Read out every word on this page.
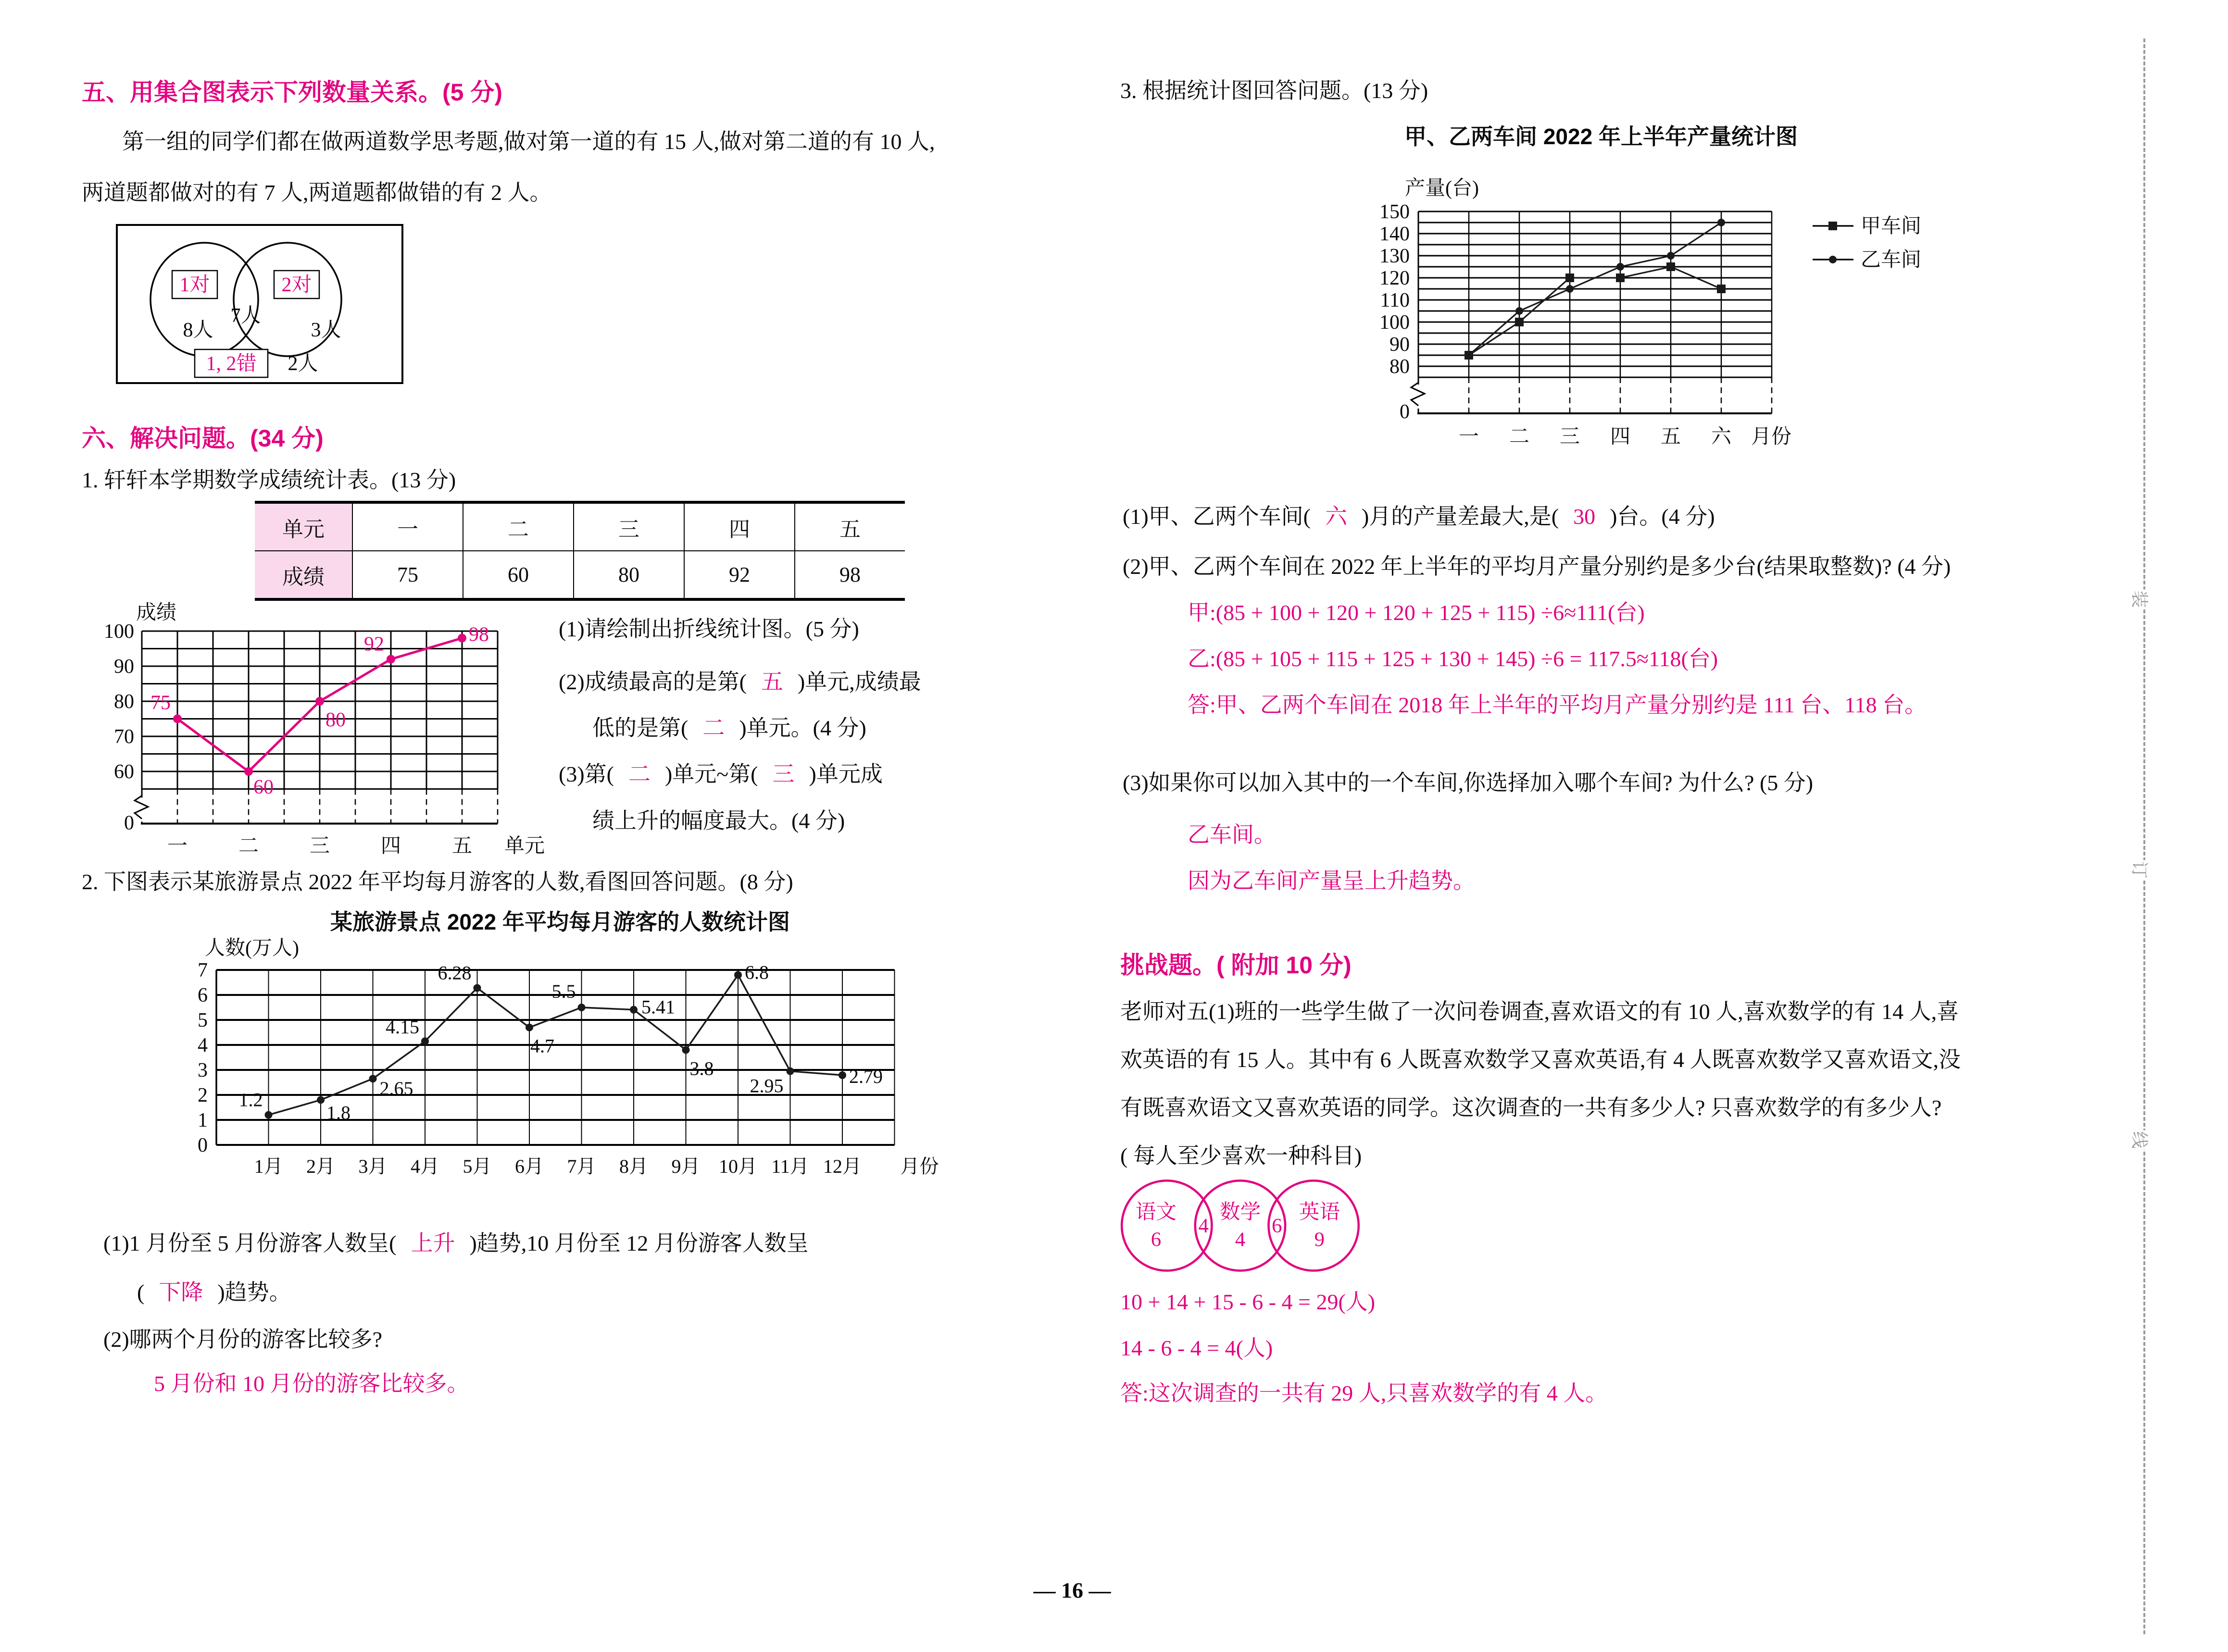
五、用集合图表示下列数量关系。(5 分)
第一组的同学们都在做两道数学思考题,做对第一道的有 15 人,做对第二道的有 10 人,
两道题都做对的有 7 人,两道题都做错的有 2 人。
1对
8人
7人
2对
3人
1, 2错 2人
六、解决问题。(34 分)
1. 轩轩本学期数学成绩统计表。(13 分)
单元	一	二	三	四	五
成绩	75	60	80	92	98
60
70
80
90
100
0
成绩
一	二	三	四	五 单元
75
60
80
92	98	(1)请绘制出折线统计图。(5 分)
(2)成绩最高的是第( 五 )单元,成绩最
低的是第( 二 )单元。(4 分)
(3)第( 二 )单元~第( 三 )单元成
绩上升的幅度最大。(4 分)
2. 下图表示某旅游景点 2022 年平均每月游客的人数,看图回答问题。(8 分)
某旅游景点 2022 年平均每月游客的人数统计图
0
1
2
3
4
5
6
7
人数(万人)
1.2
1月
1.8
2月
2.65
3月
4.15
4月
6.28
5月
4.7
6月
5.5
7月
5.41
8月
3.8
9月
6.8
10月
2.95
11月
2.79
12月 月份
(1)1 月份至 5 月份游客人数呈( 上升 )趋势,10 月份至 12 月份游客人数呈
( 下降 )趋势。
(2)哪两个月份的游客比较多?
5 月份和 10 月份的游客比较多。
3. 根据统计图回答问题。(13 分)
甲、乙两车间 2022 年上半年产量统计图
150
140
130
120
110
100
90
80
0
产量(台)
一 二 三 四 五 六 月份
甲车间
乙车间
(1)甲、乙两个车间( 六 )月的产量差最大,是( 30 )台。(4 分)
(2)甲、乙两个车间在 2022 年上半年的平均月产量分别约是多少台(结果取整数)? (4 分)
甲:(85 + 100 + 120 + 120 + 125 + 115) ÷6≈111(台)
乙:(85 + 105 + 115 + 125 + 130 + 145) ÷6 = 117.5≈118(台)
答:甲、乙两个车间在 2018 年上半年的平均月产量分别约是 111 台、118 台。
(3)如果你可以加入其中的一个车间,你选择加入哪个车间? 为什么? (5 分)
乙车间。
因为乙车间产量呈上升趋势。
挑战题。( 附加 10 分)
老师对五(1)班的一些学生做了一次问卷调查,喜欢语文的有 10 人,喜欢数学的有 14 人,喜
欢英语的有 15 人。其中有 6 人既喜欢数学又喜欢英语,有 4 人既喜欢数学又喜欢语文,没
有既喜欢语文又喜欢英语的同学。这次调查的一共有多少人? 只喜欢数学的有多少人?
( 每人至少喜欢一种科目)
语文
6
4
数学
4
6
英语
9
10 + 14 + 15 - 6 - 4 = 29(人)
14 - 6 - 4 = 4(人)
答:这次调查的一共有 29 人,只喜欢数学的有 4 人。
装
订
线
— 16 —
